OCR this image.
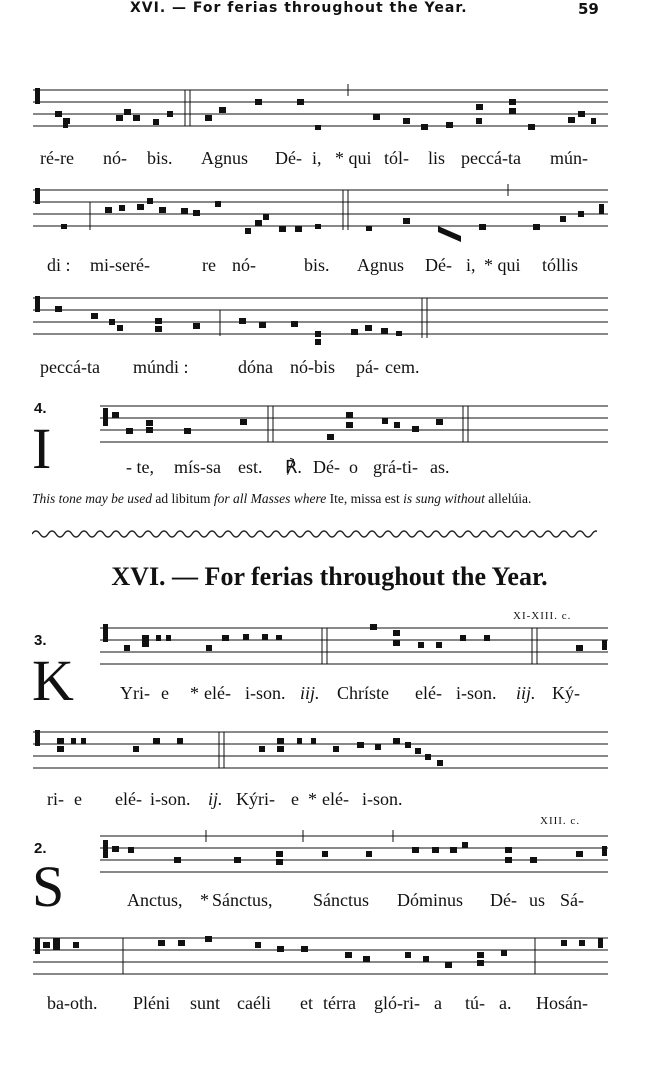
XVI. — For ferias throughout the Year.	59
ré-re nó- bis. Agnus Dé- i, * qui tól- lis peccá-ta mún-
di : mi-seré-	re nó-	bis. Agnus Dé- i, * qui tóllis
peccá-ta múndi :	dóna nó-bis pá- cem.
4.
I	- te, mís-sa est. ℟. Dé- o grá-ti- as.
This tone may be used ad libitum for all Masses where Ite, missa est is sung without allelúia.
XVI. — For ferias throughout the Year.
XI-XIII. c.
3.
K	Yri- e * elé- i-son. iij. Chríste elé- i-son. iij. Ký-
ri- e elé- i-son. ij. Kýri- e * elé- i-son.
XIII. c.
2.
S	Anctus, * Sánctus, Sánctus Dóminus Dé- us Sá-
ba-oth. Pléni sunt caéli et térra gló-ri- a tú- a. Hosán-
